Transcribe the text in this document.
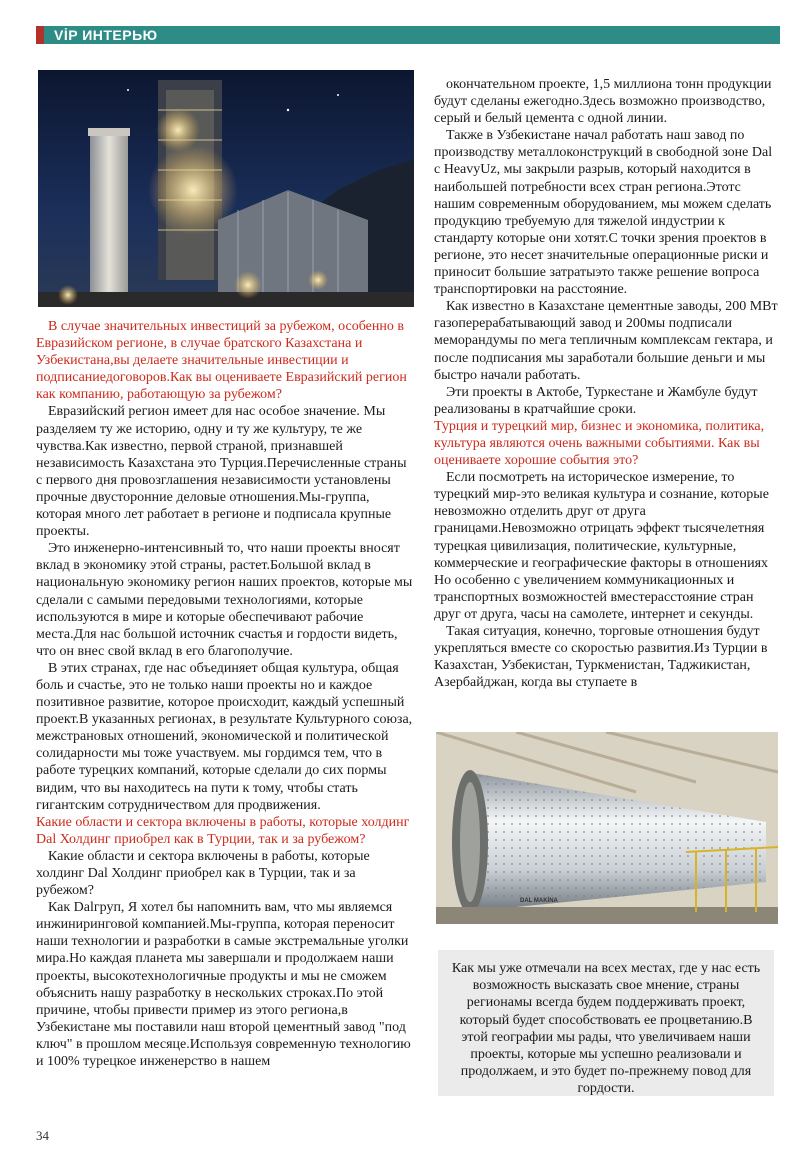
VİP ИНТЕРЬЮ

В случае значительных инвестиций за рубежом, особенно в Евразийском регионе, в случае братского Казахстана и Узбекистана,вы делаете значительные инвестиции и подписаниедоговоров.Как вы оцениваете Евразийский регион как компанию, работающую за рубежом?

Евразийский регион имеет для нас особое значение. Мы разделяем ту же историю, одну и ту же культуру, те же чувства.Как известно, первой страной, признавшей независимость Казахстана это Турция.Перечисленные страны с первого дня провозглашения независимости установлены прочные двусторонние деловые отношения.Мы-группа, которая много лет работает в регионе и подписала крупные проекты.

Это инженерно-интенсивный то, что наши проекты вносят вклад в экономику этой страны, растет.Большой вклад в национальную экономику регион наших проектов, которые мы сделали с самыми передовыми технологиями, которые используются в мире и которые обеспечивают рабочие места.Для нас большой источник счастья и гордости видеть, что он внес свой вклад в его благополучие.

В этих странах, где нас объединяет общая культура, общая боль и счастье, это не только наши проекты но и каждое позитивное развитие, которое происходит, каждый успешный проект.В указанных регионах, в результате Культурного союза, межстрановых отношений, экономической и политической солидарности мы тоже участвуем. мы гордимся тем, что в работе турецких компаний, которые сделали до сих пормы видим, что вы находитесь на пути к тому, чтобы стать гигантским сотрудничеством для продвижения.

Какие области и сектора включены в работы, которые холдинг Dal Холдинг приобрел как в Турции, так и за рубежом?

Какие области и сектора включены в работы, которые холдинг Dal Холдинг приобрел как в Турции, так и за рубежом?

Как Dalгруп, Я хотел бы напомнить вам, что мы являемся инжиниринговой компанией.Мы-группа, которая переносит наши технологии и разработки в самые экстремальные уголки мира.Но каждая планета мы завершали и продолжаем наши проекты, высокотехнологичные продукты и мы не сможем объяснить нашу разработку в нескольких строках.По этой причине, чтобы привести пример из этого региона,в Узбекистане мы поставили наш второй цементный завод "под ключ" в прошлом месяце.Используя современную технологию и 100% турецкое инженерство в нашем

окончательном проекте, 1,5 миллиона тонн продукции будут сделаны ежегодно.Здесь возможно производство, серый и белый цемента с одной линии.

Также в Узбекистане начал работать наш завод по производству металлоконструкций в свободной зоне Dal с HeavyUz, мы закрыли разрыв, который находится в наибольшей потребности всех стран региона.Этотс нашим современным оборудованием, мы можем сделать продукцию требуемую для тяжелой индустрии к стандарту которые они хотят.С точки зрения проектов в регионе, это несет значительные операционные риски и приносит большие затратыэто также решение вопроса транспортировки на расстояние.

Как известно в Казахстане цементные заводы, 200 МВт газоперерабатывающий завод и 200мы подписали меморандумы по мега тепличным комплексам гектара, и после подписания мы заработали большие деньги и мы быстро начали работать.

Эти проекты в Актобе, Туркестане и Жамбуле будут реализованы в кратчайшие сроки.

Турция и турецкий мир, бизнес и экономика, политика, культура являются очень важными событиями. Как вы оцениваете хорошие события это?

Если посмотреть на историческое измерение, то турецкий мир-это великая культура и сознание, которые невозможно отделить друг от друга границами.Невозможно отрицать эффект тысячелетняя турецкая цивилизация, политические, культурные, коммерческие и географические факторы в отношениях Но особенно с увеличением коммуникационных и транспортных возможностей вместерасстояние стран друг от друга, часы на самолете, интернет и секунды.

Такая ситуация, конечно, торговые отношения будут укрепляться вместе со скоростью развития.Из Турции в Казахстан, Узбекистан, Туркменистан, Таджикистан, Азербайджан, когда вы ступаете в

DAL MAKİNA
Как мы уже отмечали на всех местах, где у нас есть возможность высказать свое мнение, страны регионамы всегда будем поддерживать проект, который будет способствовать ее процветанию.В этой географии мы рады, что увеличиваем наши проекты, которые мы успешно реализовали и продолжаем, и это будет по-прежнему повод для гордости.
34
